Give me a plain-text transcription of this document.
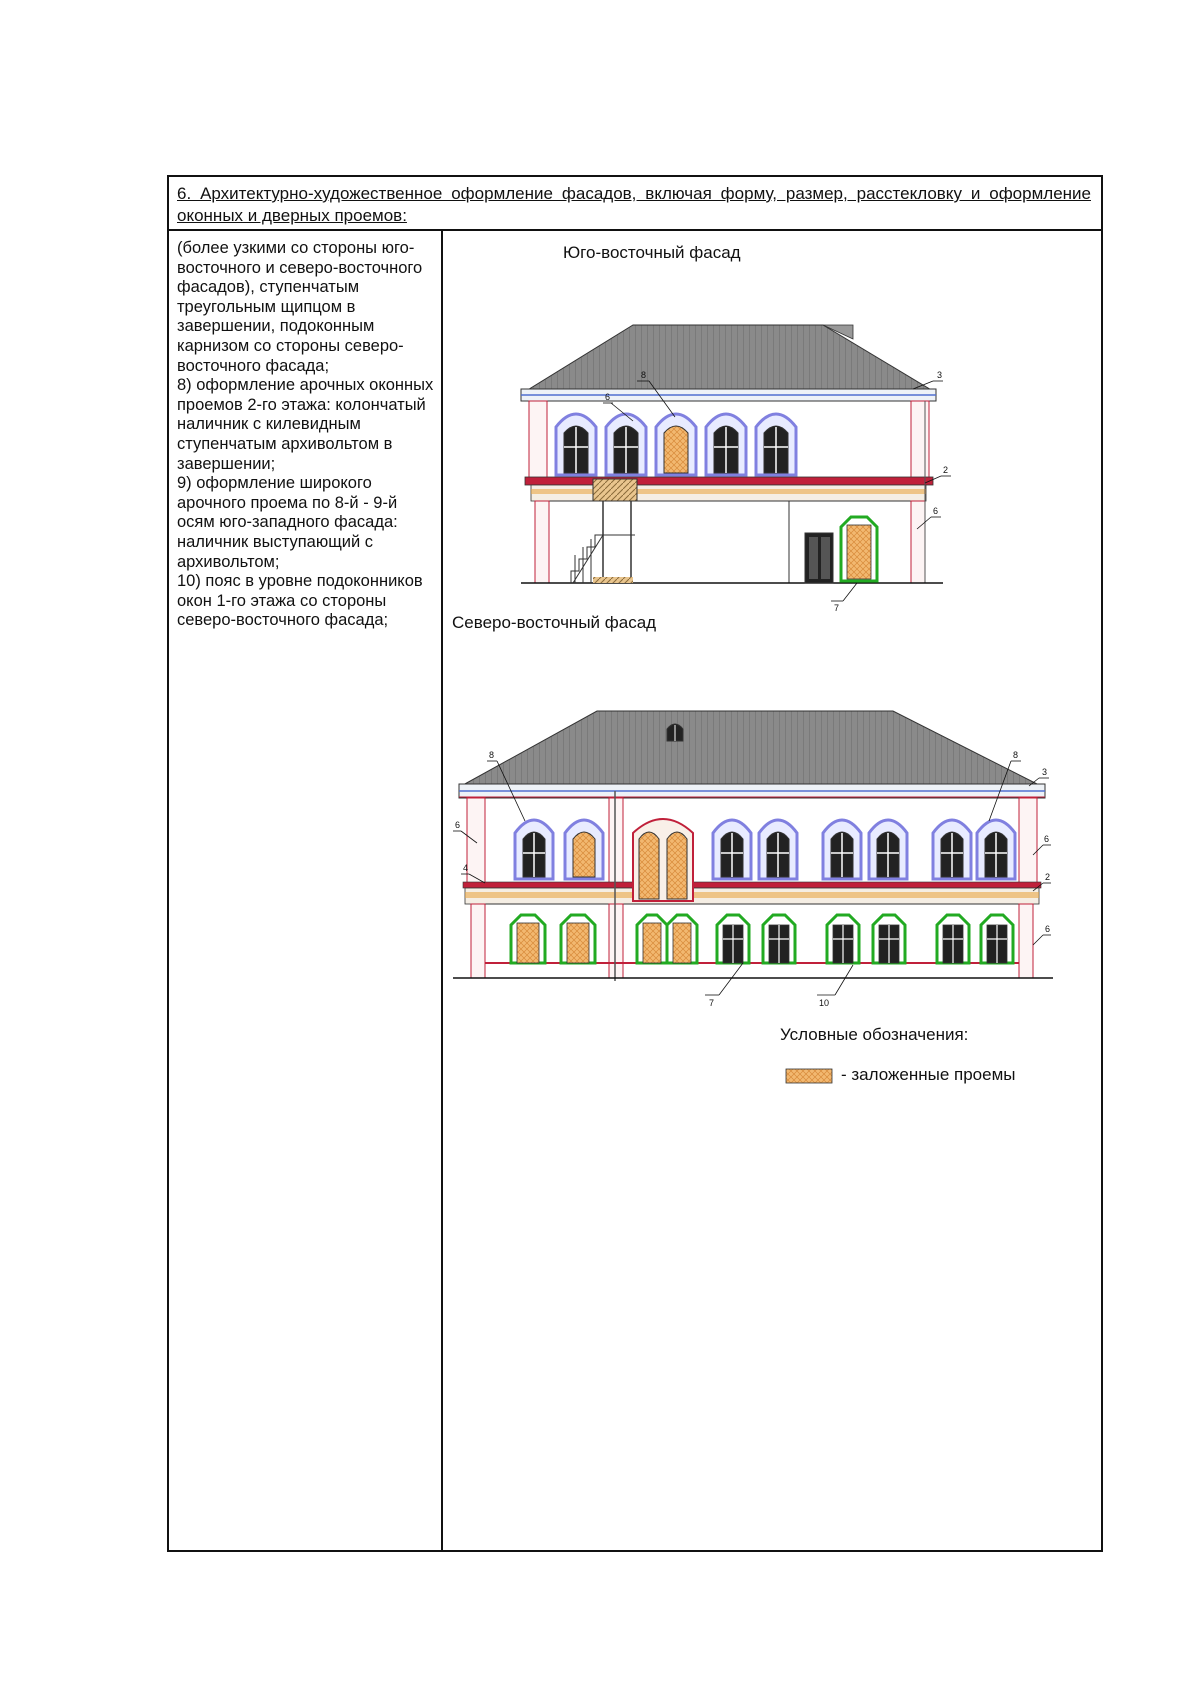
6. Архитектурно-художественное оформление фасадов, включая форму, размер, расстекловку и оформление оконных и дверных проемов:

(более узкими со стороны юго-восточного и северо-восточного фасадов), ступенчатым треугольным щипцом в завершении, подоконным карнизом со стороны северо-восточного фасада;

8) оформление арочных оконных проемов 2-го этажа: колончатый наличник с килевидным ступенчатым архивольтом в завершении;

9) оформление широкого арочного проема по 8-й - 9-й осям юго-западного фасада: наличник выступающий с архивольтом;

10) пояс в уровне подоконников окон 1-го этажа со стороны северо-восточного фасада;

Юго-восточный фасад
Северо-восточный фасад
Условные обозначения:
- заложенные проемы
8	3
6
2
6
7
8	8
3
6
6
4
2
6
7	10
